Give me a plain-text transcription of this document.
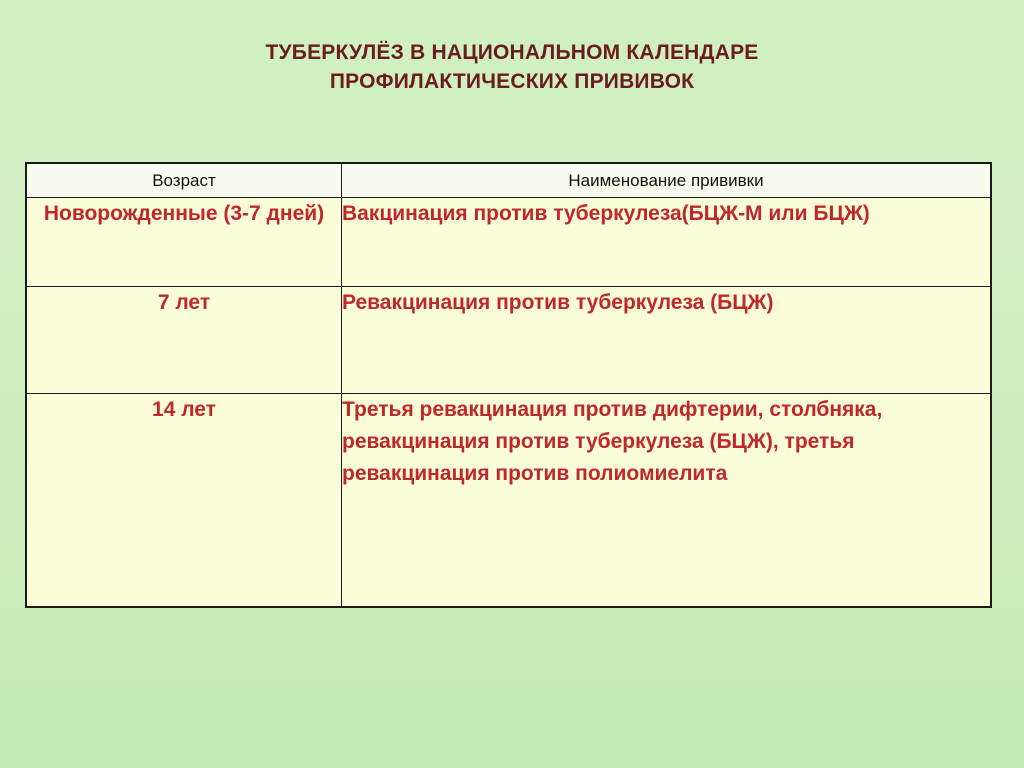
ТУБЕРКУЛЁЗ В НАЦИОНАЛЬНОМ КАЛЕНДАРЕ
ПРОФИЛАКТИЧЕСКИХ ПРИВИВОК
Возраст	Наименование прививки
Новорожденные (3-7 дней)	Вакцинация против туберкулеза(БЦЖ-М или БЦЖ)
7 лет	Ревакцинация против туберкулеза (БЦЖ)
14 лет	Третья ревакцинация против дифтерии, столбняка, ревакцинация против туберкулеза (БЦЖ), третья ревакцинация против полиомиелита
